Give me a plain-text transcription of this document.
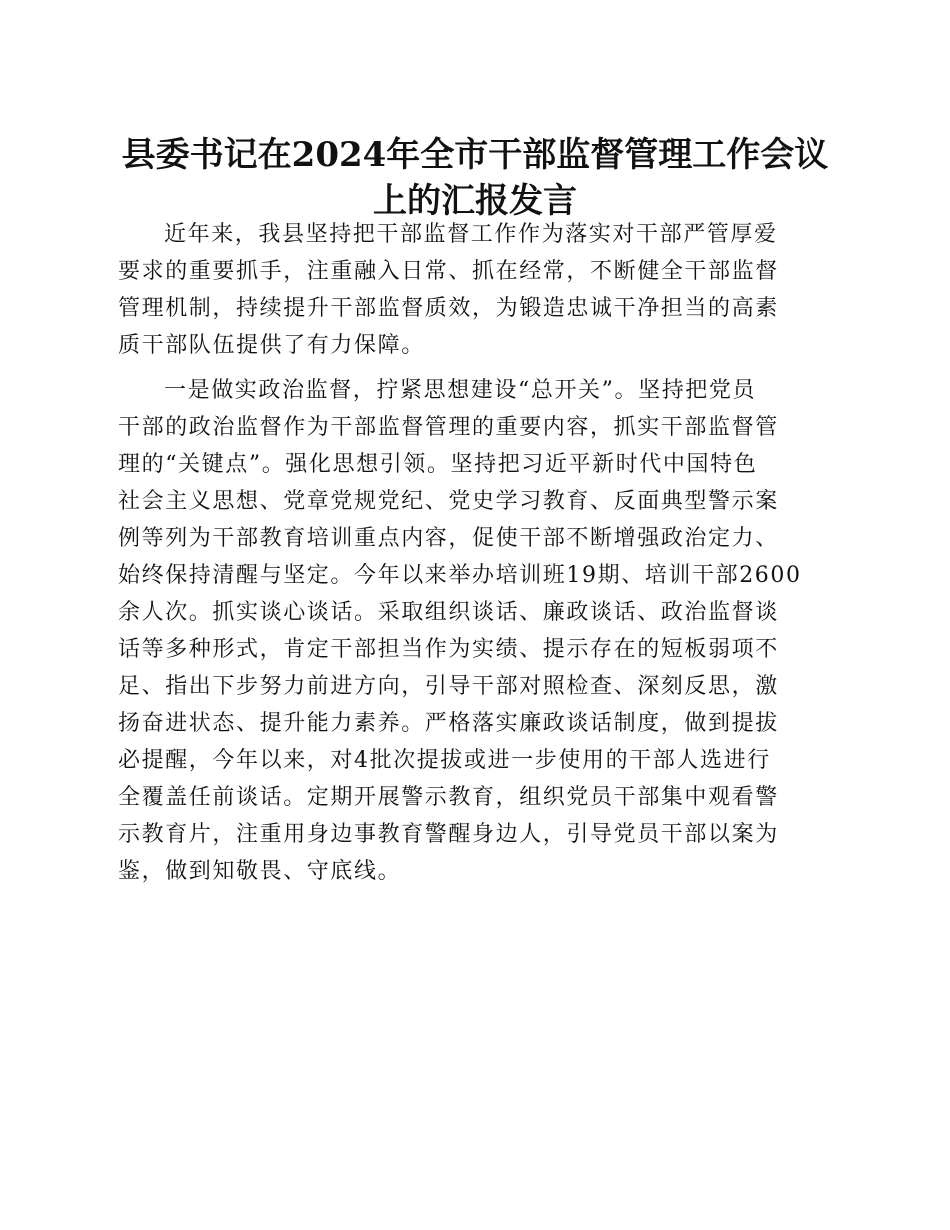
县委书记在2024年全市干部监督管理工作会议
上的汇报发言

近年来，我县坚持把干部监督工作作为落实对干部严管厚爱
要求的重要抓手，注重融入日常、抓在经常，不断健全干部监督
管理机制，持续提升干部监督质效，为锻造忠诚干净担当的高素
质干部队伍提供了有力保障。

一是做实政治监督，拧紧思想建设“总开关”。坚持把党员
干部的政治监督作为干部监督管理的重要内容，抓实干部监督管
理的“关键点”。强化思想引领。坚持把习近平新时代中国特色
社会主义思想、党章党规党纪、党史学习教育、反面典型警示案
例等列为干部教育培训重点内容，促使干部不断增强政治定力、
始终保持清醒与坚定。今年以来举办培训班19期、培训干部2600
余人次。抓实谈心谈话。采取组织谈话、廉政谈话、政治监督谈
话等多种形式，肯定干部担当作为实绩、提示存在的短板弱项不
足、指出下步努力前进方向，引导干部对照检查、深刻反思，激
扬奋进状态、提升能力素养。严格落实廉政谈话制度，做到提拔
必提醒，今年以来，对4批次提拔或进一步使用的干部人选进行
全覆盖任前谈话。定期开展警示教育，组织党员干部集中观看警
示教育片，注重用身边事教育警醒身边人，引导党员干部以案为
鉴，做到知敬畏、守底线。
